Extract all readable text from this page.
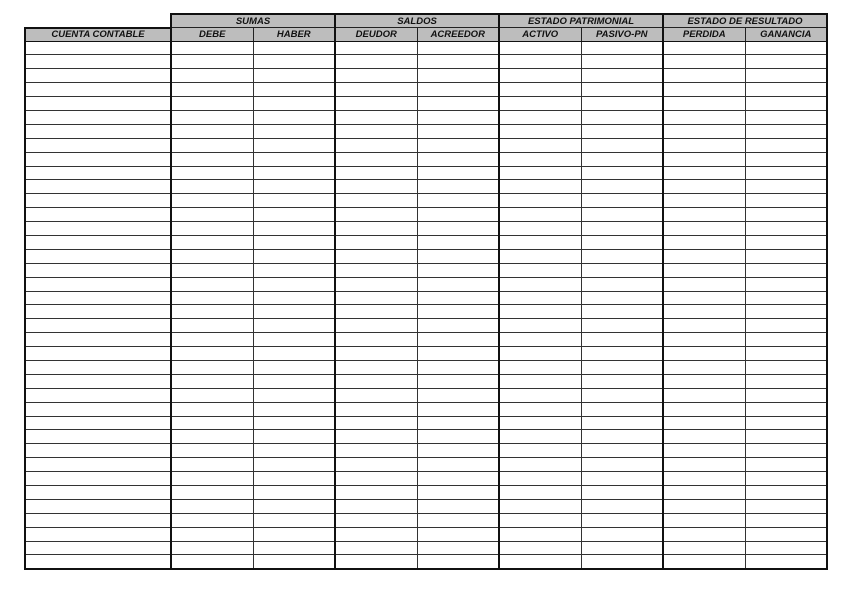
	SUMAS		SALDOS		ESTADO PATRIMONIAL		ESTADO DE RESULTADO	
CUENTA CONTABLE	DEBE	HABER	DEUDOR	ACREEDOR	ACTIVO	PASIVO-PN	PERDIDA	GANANCIA
